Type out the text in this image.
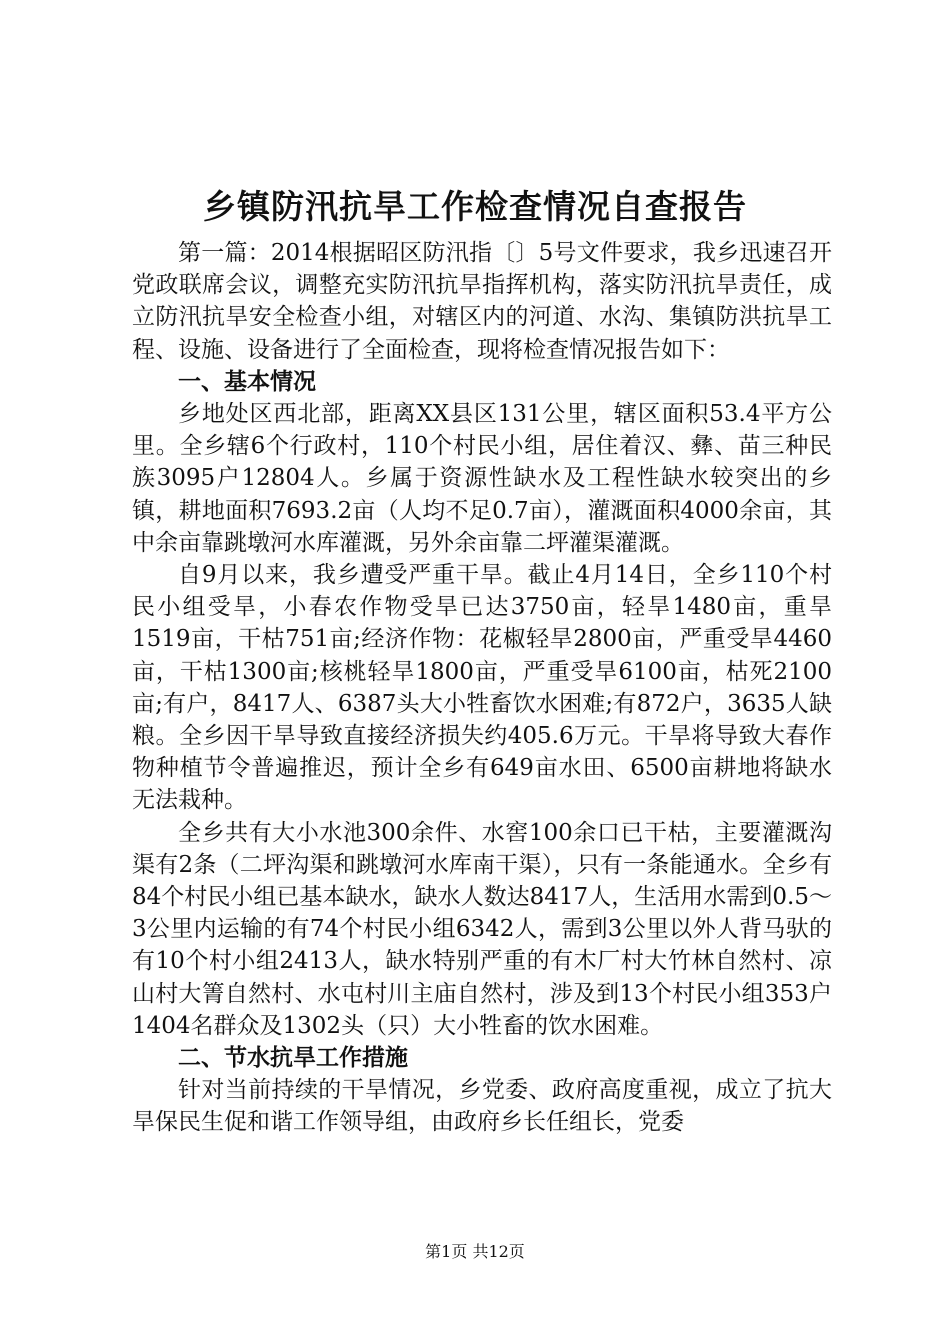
乡镇防汛抗旱工作检查情况自查报告

第一篇：2014根据昭区防汛指〔〕5号文件要求，我乡迅速召开党政联席会议，调整充实防汛抗旱指挥机构，落实防汛抗旱责任，成立防汛抗旱安全检查小组，对辖区内的河道、水沟、集镇防洪抗旱工程、设施、设备进行了全面检查，现将检查情况报告如下：

一、基本情况

乡地处区西北部，距离XX县区131公里，辖区面积53.4平方公里。全乡辖6个行政村，110个村民小组，居住着汉、彝、苗三种民族3095户12804人。乡属于资源性缺水及工程性缺水较突出的乡镇，耕地面积7693.2亩（人均不足0.7亩），灌溉面积4000余亩，其中余亩靠跳墩河水库灌溉，另外余亩靠二坪灌渠灌溉。

自9月以来，我乡遭受严重干旱。截止4月14日，全乡110个村民小组受旱，小春农作物受旱已达3750亩，轻旱1480亩，重旱1519亩，干枯751亩;经济作物：花椒轻旱2800亩，严重受旱4460亩，干枯1300亩;核桃轻旱1800亩，严重受旱6100亩，枯死2100亩;有户，8417人、6387头大小牲畜饮水困难;有872户，3635人缺粮。全乡因干旱导致直接经济损失约405.6万元。干旱将导致大春作物种植节令普遍推迟，预计全乡有649亩水田、6500亩耕地将缺水无法栽种。

全乡共有大小水池300余件、水窖100余口已干枯，主要灌溉沟渠有2条（二坪沟渠和跳墩河水库南干渠），只有一条能通水。全乡有84个村民小组已基本缺水，缺水人数达8417人，生活用水需到0.5～3公里内运输的有74个村民小组6342人，需到3公里以外人背马驮的有10个村小组2413人，缺水特别严重的有木厂村大竹林自然村、凉山村大箐自然村、水屯村川主庙自然村，涉及到13个村民小组353户1404名群众及1302头（只）大小牲畜的饮水困难。

二、节水抗旱工作措施

针对当前持续的干旱情况，乡党委、政府高度重视，成立了抗大旱保民生促和谐工作领导组，由政府乡长任组长，党委

第1页 共12页
